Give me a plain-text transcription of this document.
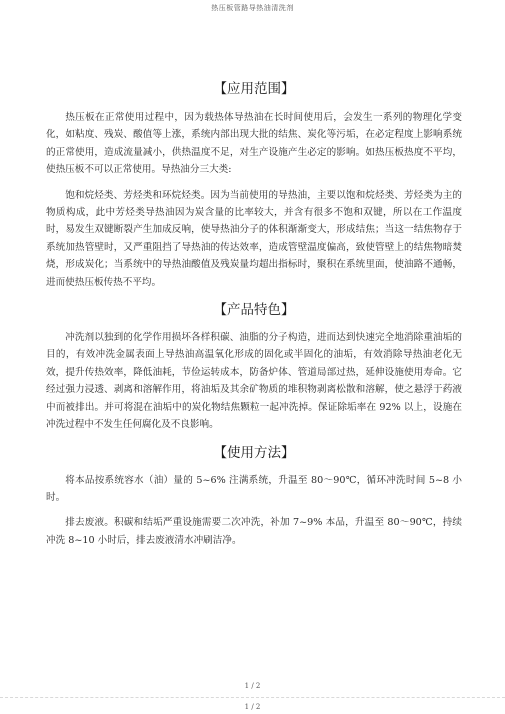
热压板管路导热油清洗剂
【应用范围】

热压板在正常使用过程中，因为载热体导热油在长时间使用后，会发生一系列的物理化学变化，如粘度、残炭、酸值等上涨，系统内部出现大批的结焦、炭化等污垢，在必定程度上影响系统的正常使用，造成流量减小，供热温度不足，对生产设施产生必定的影响。如热压板热度不平均，使热压板不可以正常使用。导热油分三大类:

饱和烷烃类、芳烃类和环烷烃类。因为当前使用的导热油，主要以饱和烷烃类、芳烃类为主的物质构成，此中芳烃类导热油因为炭含量的比率较大，并含有很多不饱和双键，所以在工作温度时，易发生双键断裂产生加成反响，使导热油分子的体积渐渐变大，形成结焦；当这一结焦物存于系统加热管壁时，又严重阻挡了导热油的传达效率，造成管壁温度偏高，致使管壁上的结焦物暗焚烧，形成炭化；当系统中的导热油酸值及残炭量均超出指标时，聚积在系统里面，使油路不通畅，进而使热压板传热不平均。

【产品特色】

冲洗剂以独到的化学作用损坏各样积碳、油脂的分子构造，进而达到快速完全地消除重油垢的目的，有效冲洗金属表面上导热油高温氧化形成的固化或半固化的油垢，有效消除导热油老化无效，提升传热效率，降低油耗，节俭运转成本，防备炉体、管道局部过热，延伸设施使用寿命。它经过强力浸透、剥离和溶解作用，将油垢及其余矿物质的堆积物剥离松散和溶解，使之悬浮于药液中而被排出。并可将混在油垢中的炭化物结焦颗粒一起冲洗掉。保证除垢率在 92% 以上，设施在冲洗过程中不发生任何腐化及不良影响。

【使用方法】

将本品按系统容水（油）量的 5~6% 注满系统，升温至 80～90℃，循环冲洗时间 5~8 小时。

排去废液。积碳和结垢严重设施需要二次冲洗，补加 7~9% 本品，升温至 80～90℃，持续冲洗 8~10 小时后，排去废液清水冲刷洁净。

1 / 2
1 / 2
